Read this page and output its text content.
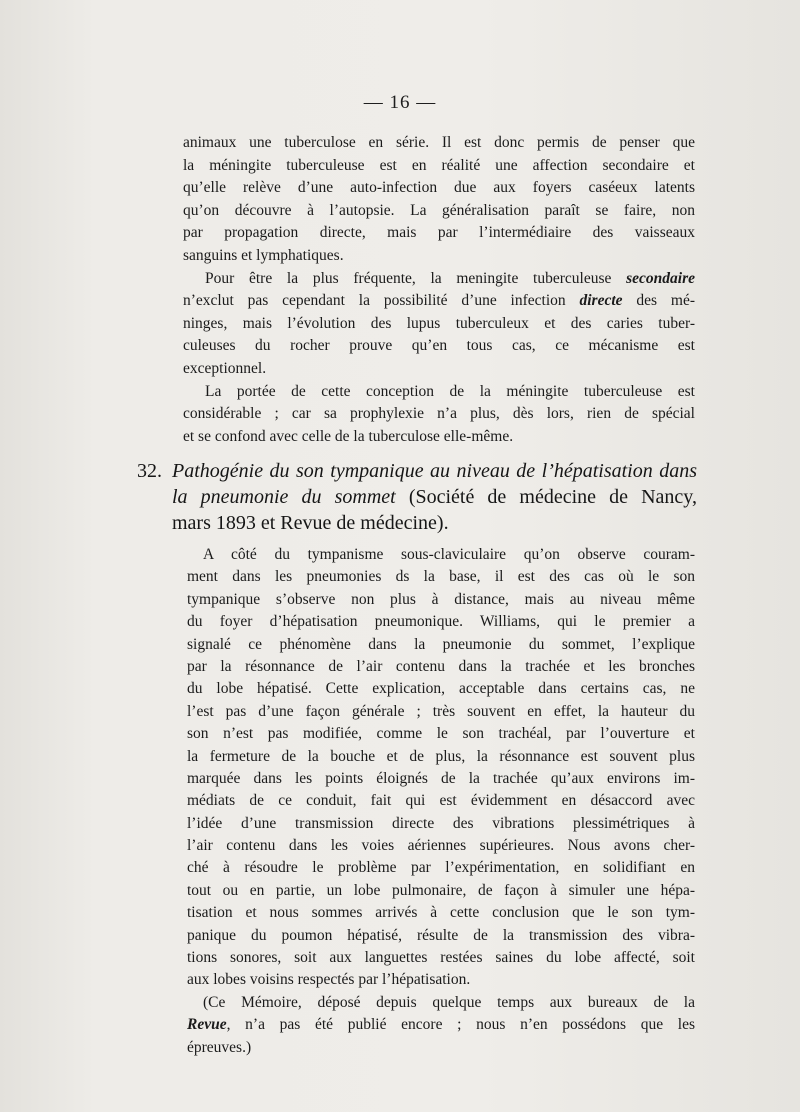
— 16 —
animaux une tuberculose en série. Il est donc permis de penser que
la méningite tuberculeuse est en réalité une affection secondaire et
qu’elle relève d’une auto-infection due aux foyers caséeux latents
qu’on découvre à l’autopsie. La généralisation paraît se faire, non
par propagation directe, mais par l’intermédiaire des vaisseaux
sanguins et lymphatiques.
Pour être la plus fréquente, la meningite tuberculeuse secondaire
n’exclut pas cependant la possibilité d’une infection directe des mé-
ninges, mais l’évolution des lupus tuberculeux et des caries tuber-
culeuses du rocher prouve qu’en tous cas, ce mécanisme est
exceptionnel.
La portée de cette conception de la méningite tuberculeuse est
considérable ; car sa prophylexie n’a plus, dès lors, rien de spécial
et se confond avec celle de la tuberculose elle-même.
32. Pathogénie du son tympanique au niveau de l’hépatisation dans
la pneumonie du sommet (Société de médecine de Nancy,
mars 1893 et Revue de médecine).
A côté du tympanisme sous-claviculaire qu’on observe couram-
ment dans les pneumonies ds la base, il est des cas où le son
tympanique s’observe non plus à distance, mais au niveau même
du foyer d’hépatisation pneumonique. Williams, qui le premier a
signalé ce phénomène dans la pneumonie du sommet, l’explique
par la résonnance de l’air contenu dans la trachée et les bronches
du lobe hépatisé. Cette explication, acceptable dans certains cas, ne
l’est pas d’une façon générale ; très souvent en effet, la hauteur du
son n’est pas modifiée, comme le son trachéal, par l’ouverture et
la fermeture de la bouche et de plus, la résonnance est souvent plus
marquée dans les points éloignés de la trachée qu’aux environs im-
médiats de ce conduit, fait qui est évidemment en désaccord avec
l’idée d’une transmission directe des vibrations plessimétriques à
l’air contenu dans les voies aériennes supérieures. Nous avons cher-
ché à résoudre le problème par l’expérimentation, en solidifiant en
tout ou en partie, un lobe pulmonaire, de façon à simuler une hépa-
tisation et nous sommes arrivés à cette conclusion que le son tym-
panique du poumon hépatisé, résulte de la transmission des vibra-
tions sonores, soit aux languettes restées saines du lobe affecté, soit
aux lobes voisins respectés par l’hépatisation.
(Ce Mémoire, déposé depuis quelque temps aux bureaux de la
Revue, n’a pas été publié encore ; nous n’en possédons que les
épreuves.)
